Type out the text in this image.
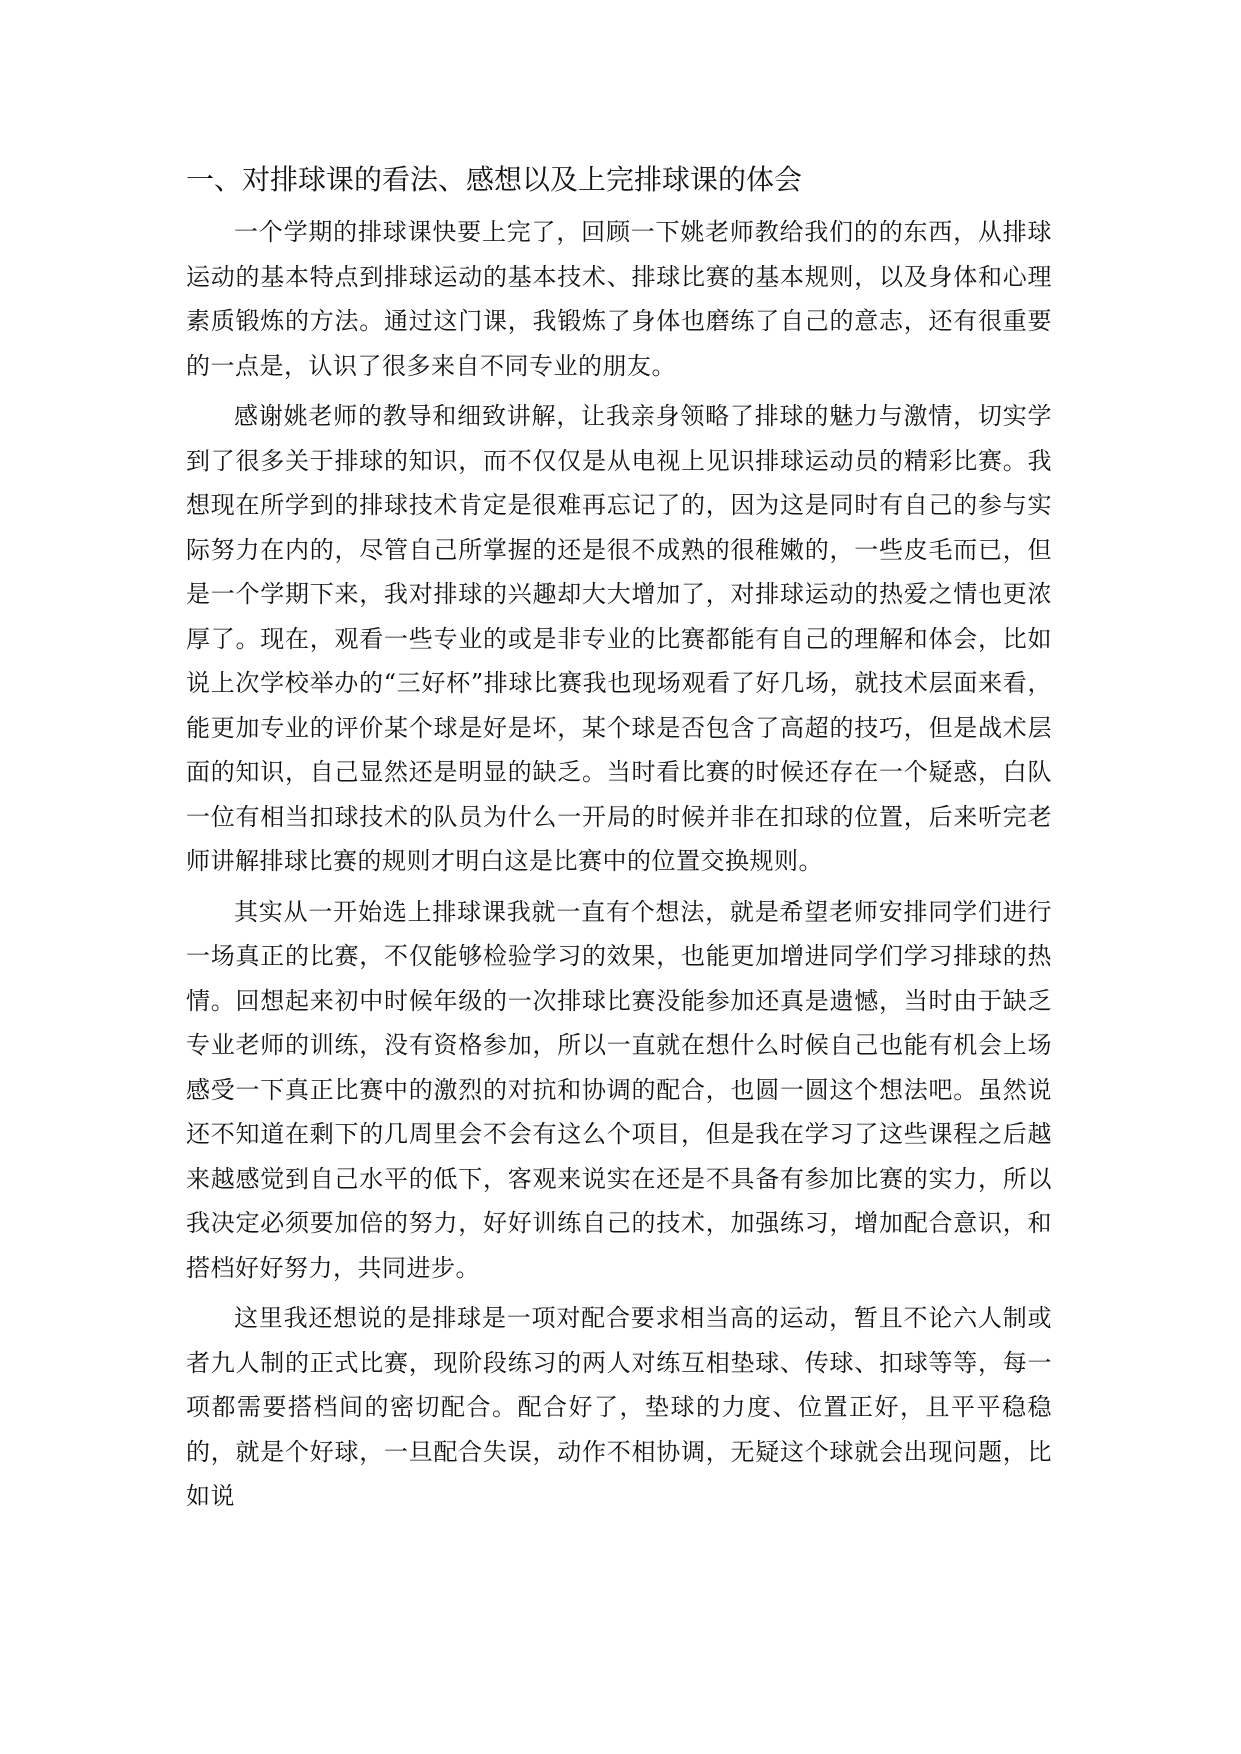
一、对排球课的看法、感想以及上完排球课的体会

一个学期的排球课快要上完了，回顾一下姚老师教给我们的的东西，从排球运动的基本特点到排球运动的基本技术、排球比赛的基本规则，以及身体和心理素质锻炼的方法。通过这门课，我锻炼了身体也磨练了自己的意志，还有很重要的一点是，认识了很多来自不同专业的朋友。

感谢姚老师的教导和细致讲解，让我亲身领略了排球的魅力与激情，切实学到了很多关于排球的知识，而不仅仅是从电视上见识排球运动员的精彩比赛。我想现在所学到的排球技术肯定是很难再忘记了的，因为这是同时有自己的参与实际努力在内的，尽管自己所掌握的还是很不成熟的很稚嫩的，一些皮毛而已，但是一个学期下来，我对排球的兴趣却大大增加了，对排球运动的热爱之情也更浓厚了。现在，观看一些专业的或是非专业的比赛都能有自己的理解和体会，比如说上次学校举办的“三好杯”排球比赛我也现场观看了好几场，就技术层面来看，能更加专业的评价某个球是好是坏，某个球是否包含了高超的技巧，但是战术层面的知识，自己显然还是明显的缺乏。当时看比赛的时候还存在一个疑惑，白队一位有相当扣球技术的队员为什么一开局的时候并非在扣球的位置，后来听完老师讲解排球比赛的规则才明白这是比赛中的位置交换规则。

其实从一开始选上排球课我就一直有个想法，就是希望老师安排同学们进行一场真正的比赛，不仅能够检验学习的效果，也能更加增进同学们学习排球的热情。回想起来初中时候年级的一次排球比赛没能参加还真是遗憾，当时由于缺乏专业老师的训练，没有资格参加，所以一直就在想什么时候自己也能有机会上场感受一下真正比赛中的激烈的对抗和协调的配合，也圆一圆这个想法吧。虽然说还不知道在剩下的几周里会不会有这么个项目，但是我在学习了这些课程之后越来越感觉到自己水平的低下，客观来说实在还是不具备有参加比赛的实力，所以我决定必须要加倍的努力，好好训练自己的技术，加强练习，增加配合意识，和搭档好好努力，共同进步。

这里我还想说的是排球是一项对配合要求相当高的运动，暂且不论六人制或者九人制的正式比赛，现阶段练习的两人对练互相垫球、传球、扣球等等，每一项都需要搭档间的密切配合。配合好了，垫球的力度、位置正好，且平平稳稳的，就是个好球，一旦配合失误，动作不相协调，无疑这个球就会出现问题，比如说
